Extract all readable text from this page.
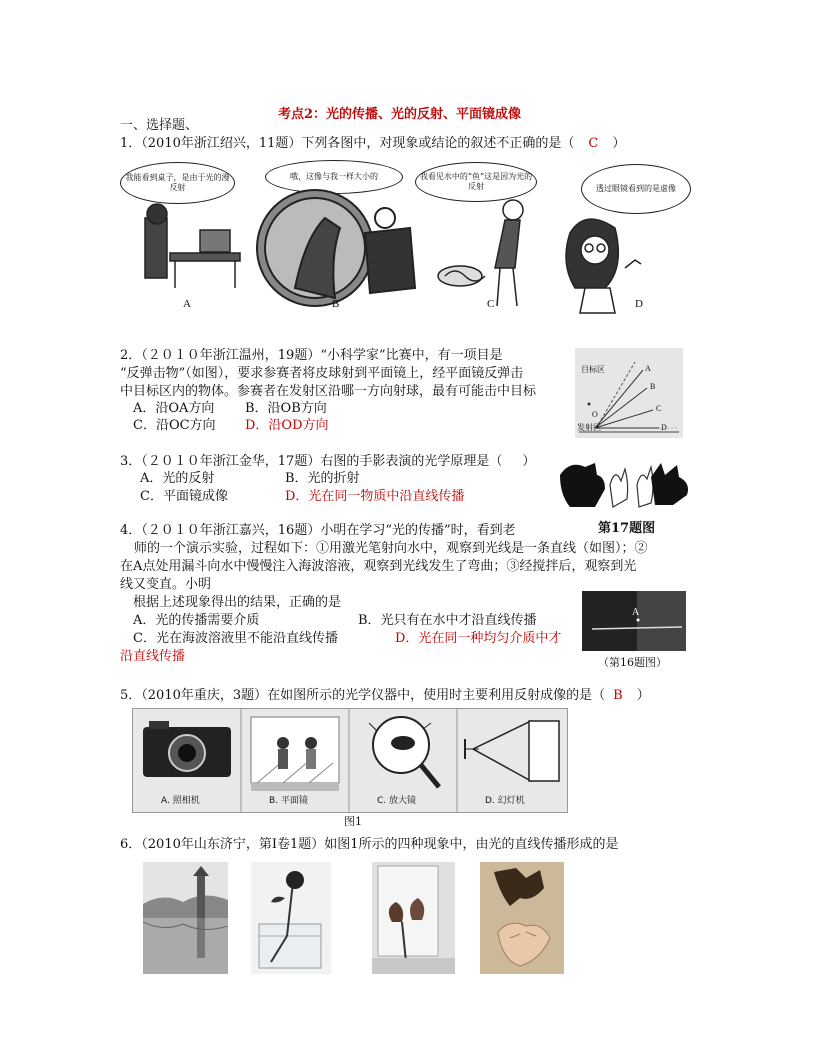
考点2：光的传播、光的反射、平面镜成像
一、选择题、
1．（2010年浙江绍兴，11题）下列各图中，对现象或结论的叙述不正确的是（ C ）
我能看到桌子，是由于光的漫反射
哦，这像与我一样大小的	我看见水中的“鱼”这是因为光的反射	透过眼镜看到的是虚像
A	B	C	D
2．（２０１０年浙江温州，19题）“小科学家”比赛中，有一项目是
“反弹击物”（如图），要求参赛者将皮球射到平面镜上，经平面镜反弹击
中目标区内的物体。参赛者在发射区沿哪一方向射球，最有可能击中目标
A．沿OA方向 B．沿OB方向
C．沿OC方向 D．沿OD方向
目标区
发射区
A
B
C
D
O
3．（２０１０年浙江金华，17题）右图的手影表演的光学原理是（ ）
A．光的反射	B．光的折射
C．平面镜成像	D．光在同一物质中沿直线传播
第17题图
4．（２０１０年浙江嘉兴，16题）小明在学习“光的传播”时，看到老
师的一个演示实验，过程如下：①用激光笔射向水中，观察到光线是一条直线（如图）；②
在A点处用漏斗向水中慢慢注入海波溶液，观察到光线发生了弯曲；③经搅拌后，观察到光
线又变直。小明
根据上述现象得出的结果，正确的是
A．光的传播需要介质	B．光只有在水中才沿直线传播
C．光在海波溶液里不能沿直线传播	D．光在同一种均匀介质中才
沿直线传播
A
（第16题图）
5．（2010年重庆，3题）在如图所示的光学仪器中，使用时主要利用反射成像的是（ B ）
A. 照相机	B. 平面镜	C. 放大镜	D. 幻灯机
图1
6．（2010年山东济宁，第Ⅰ卷1题）如图1所示的四种现象中，由光的直线传播形成的是
